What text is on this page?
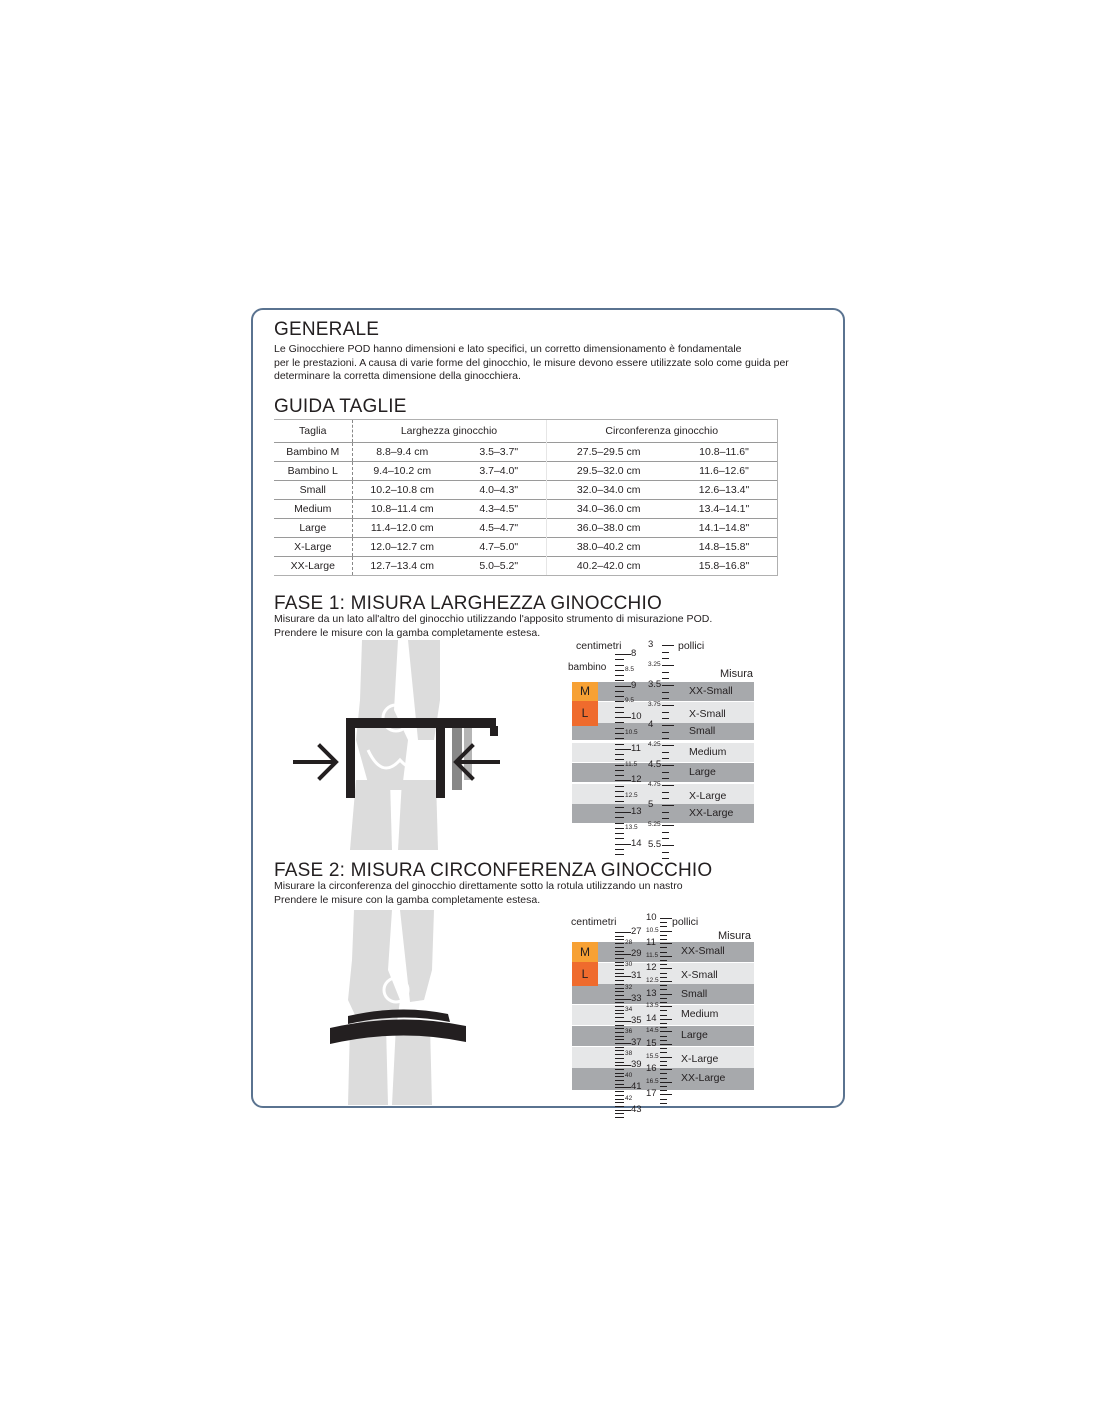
GENERALE
Le Ginocchiere POD hanno dimensioni e lato specifici, un corretto dimensionamento è fondamentale
per le prestazioni. A causa di varie forme del ginocchio, le misure devono essere utilizzate solo come guida per
determinare la corretta dimensione della ginocchiera.
GUIDA TAGLIE
Taglia	Larghezza ginocchio		Circonferenza ginocchio	
Bambino M	8.8–9.4 cm	3.5–3.7"	27.5–29.5 cm	10.8–11.6"
Bambino L	9.4–10.2 cm	3.7–4.0"	29.5–32.0 cm	11.6–12.6"
Small	10.2–10.8 cm	4.0–4.3"	32.0–34.0 cm	12.6–13.4"
Medium	10.8–11.4 cm	4.3–4.5"	34.0–36.0 cm	13.4–14.1"
Large	11.4–12.0 cm	4.5–4.7"	36.0–38.0 cm	14.1–14.8"
X-Large	12.0–12.7 cm	4.7–5.0"	38.0–40.2 cm	14.8–15.8"
XX-Large	12.7–13.4 cm	5.0–5.2"	40.2–42.0 cm	15.8–16.8"
FASE 1: MISURA LARGHEZZA GINOCCHIO
Misurare da un lato all'altro del ginocchio utilizzando l'apposito strumento di misurazione POD.
Prendere le misure con la gamba completamente estesa.
centimetri	pollici
bambino
Misura
XX-Small
X-Small
Small
Medium
Large
X-Large
XX-Large
M
L
8
8.5
9
9.5
10
10.5
11
11.5
12
12.5
13
13.5
14
3
3.25
3.5
3.75
4
4.25
4.5
4.75
5
5.25
5.5
FASE 2: MISURA CIRCONFERENZA GINOCCHIO
Misurare la circonferenza del ginocchio direttamente sotto la rotula utilizzando un nastro
Prendere le misure con la gamba completamente estesa.
centimetri	pollici
Misura
XX-Small
X-Small
Small
Medium
Large
X-Large
XX-Large
M
L
27
28
29
30
31
32
33
34
35
36
37
38
39
40
41
42
43
10
10.5
11
11.5
12
12.5
13
13.5
14
14.5
15
15.5
16
16.5
17
